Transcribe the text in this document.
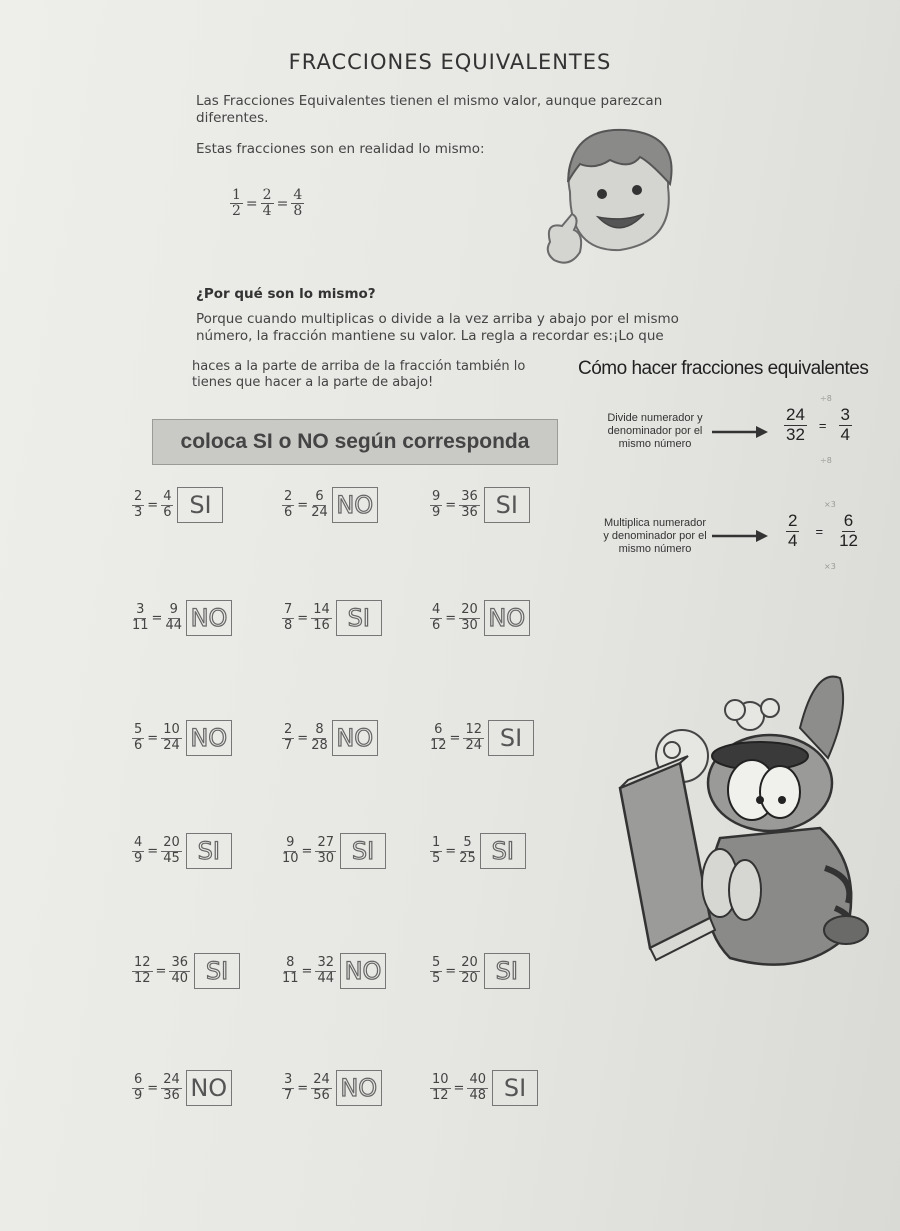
FRACCIONES EQUIVALENTES
Las Fracciones Equivalentes tienen el mismo valor, aunque parezcan diferentes.
Estas fracciones son en realidad lo mismo:
$\frac{1}{2} = \frac{2}{4} = \frac{4}{8}$
¿Por qué son lo mismo?
Porque cuando multiplicas o divide a la vez arriba y abajo por el mismo número, la fracción mantiene su valor. La regla a recordar es:¡Lo que
haces a la parte de arriba de la fracción también lo tienes que hacer a la parte de abajo!
Cómo hacer fracciones equivalentes
coloca SI o NO según corresponda
Divide numerador y denominador por el mismo número	$\frac{24}{32} = \frac{3}{4}$
÷8
÷8
Multiplica numerador y denominador por el mismo número	$\frac{2}{4} = \frac{6}{12}$
×3
×3
$\frac{2}{3} = \frac{4}{6}$ SI	$\frac{2}{6} = \frac{6}{24}$ NO	$\frac{9}{9} = \frac{36}{36}$ SI
$\frac{3}{11} = \frac{9}{44}$ NO	$\frac{7}{8} = \frac{14}{16}$ SI	$\frac{4}{6} = \frac{20}{30}$ NO
$\frac{5}{6} = \frac{10}{24}$ NO	$\frac{2}{7} = \frac{8}{28}$ NO	$\frac{6}{12} = \frac{12}{24}$ SI
$\frac{4}{9} = \frac{20}{45}$ SI	$\frac{9}{10} = \frac{27}{30}$ SI	$\frac{1}{5} = \frac{5}{25}$ SI
$\frac{12}{12} = \frac{36}{40}$ SI	$\frac{8}{11} = \frac{32}{44}$ NO	$\frac{5}{5} = \frac{20}{20}$ SI
$\frac{6}{9} = \frac{24}{36}$ NO	$\frac{3}{7} = \frac{24}{56}$ NO	$\frac{10}{12} = \frac{40}{48}$ SI
